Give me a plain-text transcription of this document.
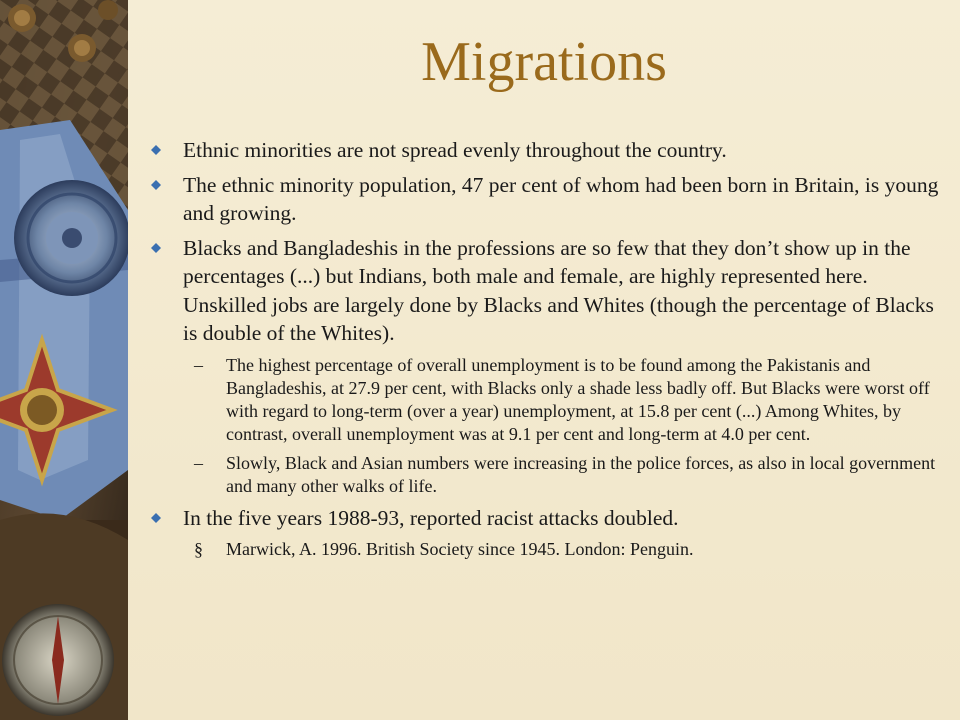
Migrations
Ethnic minorities are not spread evenly throughout the country.
The ethnic minority population, 47 per cent of whom had been born in Britain, is young and growing.
Blacks and Bangladeshis in the professions are so few that they don’t show up in the percentages (...) but Indians, both male and female, are highly represented here. Unskilled jobs are largely done by Blacks and Whites (though the percentage of Blacks is double of the Whites).
– The highest percentage of overall unemployment is to be found among the Pakistanis and Bangladeshis, at 27.9 per cent, with Blacks only a shade less badly off. But Blacks were worst off with regard to long-term (over a year) unemployment, at 15.8 per cent (...) Among Whites, by contrast, overall unemployment was at 9.1 per cent and long-term at 4.0 per cent.
– Slowly, Black and Asian numbers were increasing in the police forces, as also in local government and many other walks of life.
In the five years 1988-93, reported racist attacks doubled.
§ Marwick, A. 1996. British Society since 1945. London: Penguin.
